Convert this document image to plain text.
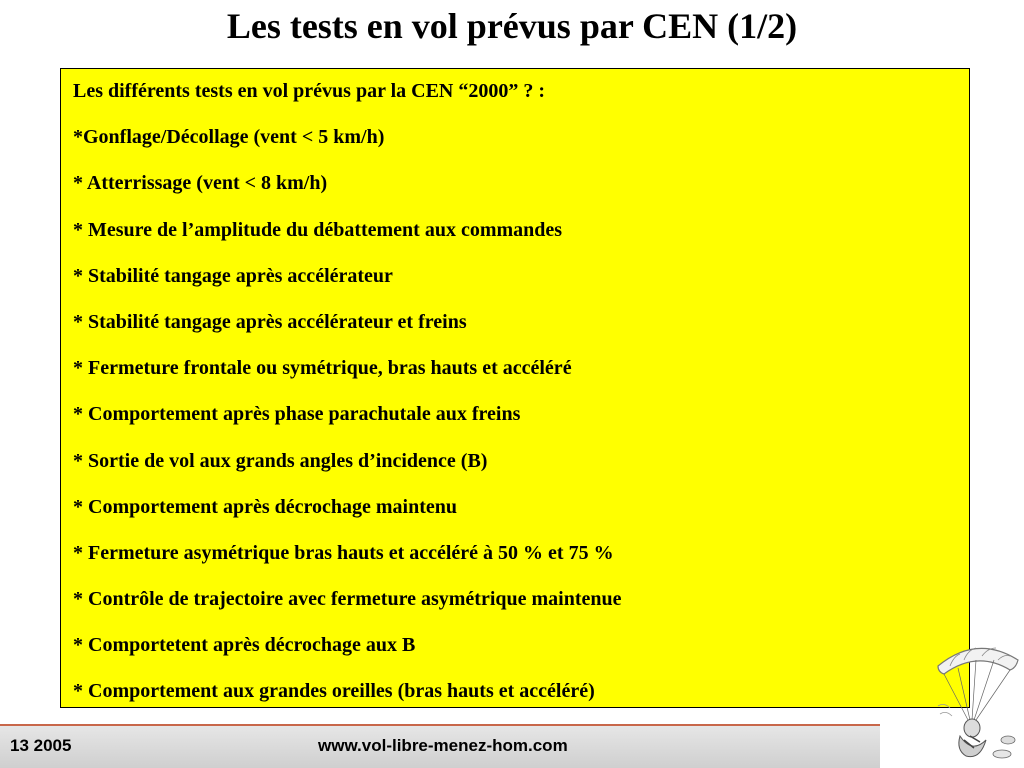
Les tests en vol prévus par CEN (1/2)
Les différents tests en vol prévus par la CEN “2000” ? :
*Gonflage/Décollage (vent < 5 km/h)
* Atterrissage (vent < 8 km/h)
* Mesure de l’amplitude du débattement aux commandes
* Stabilité tangage après accélérateur
* Stabilité tangage après accélérateur et freins
* Fermeture frontale ou symétrique, bras hauts et accéléré
* Comportement après phase parachutale aux freins
* Sortie de vol aux grands angles d’incidence (B)
* Comportement après décrochage maintenu
* Fermeture asymétrique bras hauts et accéléré à 50 % et 75 %
* Contrôle de trajectoire avec fermeture asymétrique maintenue
* Comportetent après décrochage aux B
* Comportement aux grandes oreilles (bras hauts et accéléré)
13 2005	www.vol-libre-menez-hom.com
